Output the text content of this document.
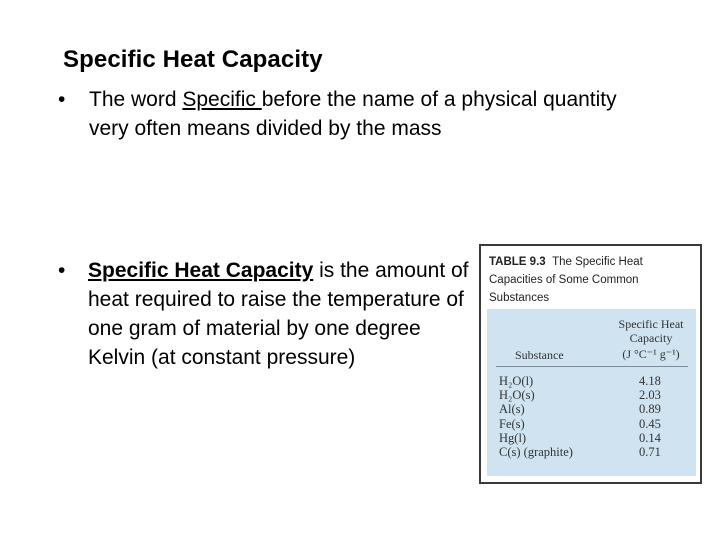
Specific Heat Capacity
• The word Specific before the name of a physical quantity very often means divided by the mass
• Specific Heat Capacity is the amount of heat required to raise the temperature of one gram of material by one degree Kelvin (at constant pressure)
TABLE 9.3 The Specific Heat Capacities of Some Common Substances
Specific Heat Capacity
Substance	(J °C⁻¹ g⁻¹)
H₂O(l)	4.18
H₂O(s)	2.03
Al(s)	0.89
Fe(s)	0.45
Hg(l)	0.14
C(s) (graphite)	0.71
